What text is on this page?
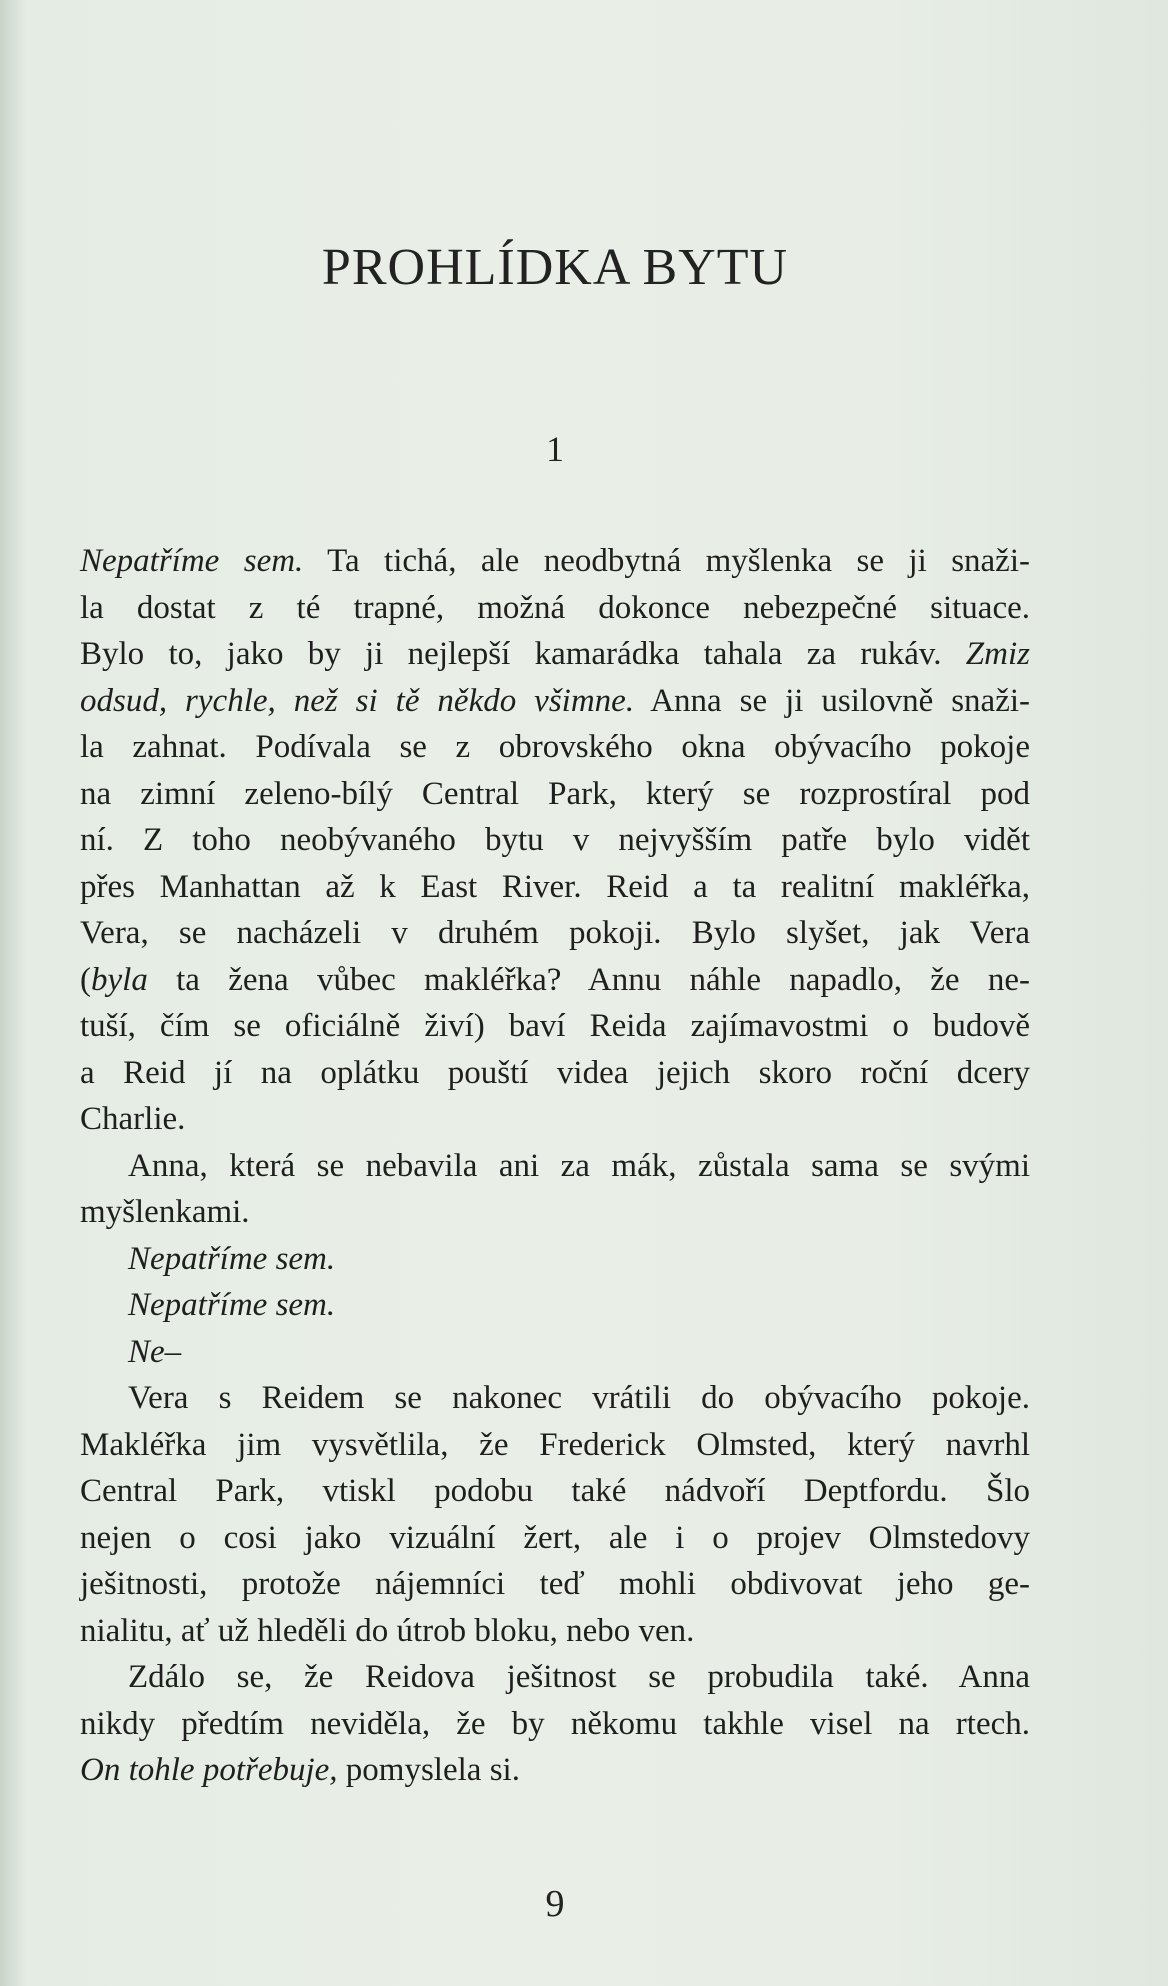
PROHLÍDKA BYTU
1
Nepatříme sem. Ta tichá, ale neodbytná myšlenka se ji snaži-
la dostat z té trapné, možná dokonce nebezpečné situace.
Bylo to, jako by ji nejlepší kamarádka tahala za rukáv. Zmiz
odsud, rychle, než si tě někdo všimne. Anna se ji usilovně snaži-
la zahnat. Podívala se z obrovského okna obývacího pokoje
na zimní zeleno-bílý Central Park, který se rozprostíral pod
ní. Z toho neobývaného bytu v nejvyšším patře bylo vidět
přes Manhattan až k East River. Reid a ta realitní makléřka,
Vera, se nacházeli v druhém pokoji. Bylo slyšet, jak Vera
(byla ta žena vůbec makléřka? Annu náhle napadlo, že ne-
tuší, čím se oficiálně živí) baví Reida zajímavostmi o budově
a Reid jí na oplátku pouští videa jejich skoro roční dcery
Charlie.
Anna, která se nebavila ani za mák, zůstala sama se svými
myšlenkami.
Nepatříme sem.
Nepatříme sem.
Ne–
Vera s Reidem se nakonec vrátili do obývacího pokoje.
Makléřka jim vysvětlila, že Frederick Olmsted, který navrhl
Central Park, vtiskl podobu také nádvoří Deptfordu. Šlo
nejen o cosi jako vizuální žert, ale i o projev Olmstedovy
ješitnosti, protože nájemníci teď mohli obdivovat jeho ge-
nialitu, ať už hleděli do útrob bloku, nebo ven.
Zdálo se, že Reidova ješitnost se probudila také. Anna
nikdy předtím neviděla, že by někomu takhle visel na rtech.
On tohle potřebuje, pomyslela si.
9
